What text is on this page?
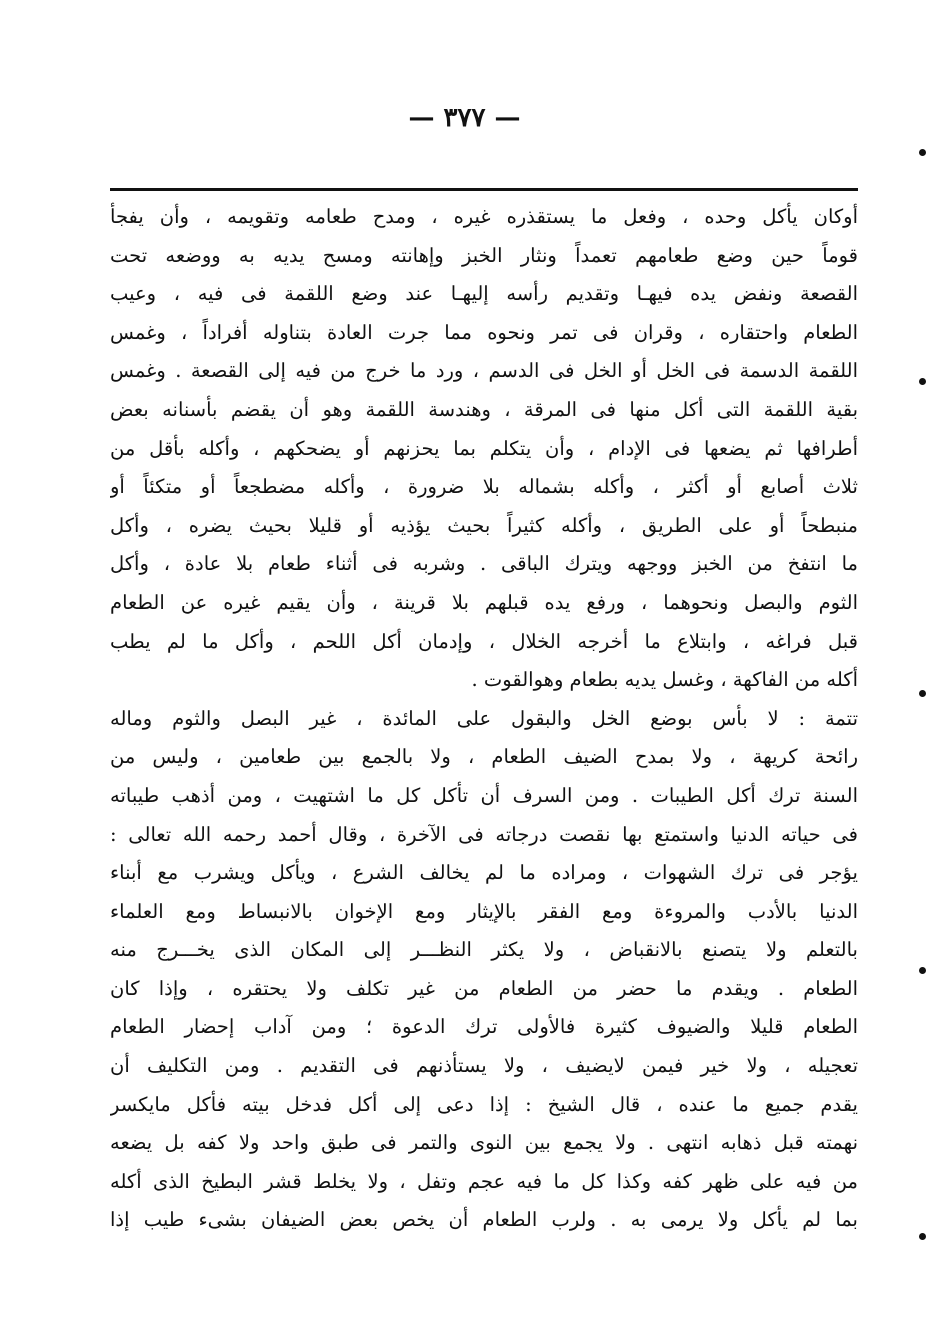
— ٣٧٧ —
أوكان يأكل وحده ، وفعل ما يستقذره غيره ، ومدح طعامه وتقويمه ، وأن يفجأ
قوماً حين وضع طعامهم تعمداً ونثار الخبز وإهانته ومسح يديه به ووضعه تحت
القصعة ونفض يده فيهـا وتقديم رأسه إليهـا عند وضع اللقمة فى فيه ، وعيب
الطعام واحتقاره ، وقران فى تمر ونحوه مما جرت العادة بتناوله أفراداً ، وغمس
اللقمة الدسمة فى الخل أو الخل فى الدسم ، ورد ما خرج من فيه إلى القصعة . وغمس
بقية اللقمة التى أكل منها فى المرقة ، وهندسة اللقمة وهو أن يقضم بأسنانه بعض
أطرافها ثم يضعها فى الإدام ، وأن يتكلم بما يحزنهم أو يضحكهم ، وأكله بأقل من
ثلاث أصابع أو أكثر ، وأكله بشماله بلا ضرورة ، وأكله مضطجعاً أو متكئاً أو
منبطحاً أو على الطريق ، وأكله كثيراً بحيث يؤذيه أو قليلا بحيث يضره ، وأكل
ما انتفخ من الخبز ووجهه ويترك الباقى . وشربه فى أثناء طعام بلا عادة ، وأكل
الثوم والبصل ونحوهما ، ورفع يده قبلهم بلا قرينة ، وأن يقيم غيره عن الطعام
قبل فراغه ، وابتلاع ما أخرجه الخلال ، وإدمان أكل اللحم ، وأكل ما لم يطب
أكله من الفاكهة ، وغسل يديه بطعام وهوالقوت .
تتمة : لا بأس بوضع الخل والبقول على المائدة ، غير البصل والثوم وماله
رائحة كريهة ، ولا بمدح الضيف الطعام ، ولا بالجمع بين طعامين ، وليس من
السنة ترك أكل الطيبات . ومن السرف أن تأكل كل ما اشتهيت ، ومن أذهب طيباته
فى حياته الدنيا واستمتع بها نقصت درجاته فى الآخرة ، وقال أحمد رحمه الله تعالى :
يؤجر فى ترك الشهوات ، ومراده ما لم يخالف الشرع ، ويأكل ويشرب مع أبناء
الدنيا بالأدب والمروءة ومع الفقر بالإيثار ومع الإخوان بالانبساط ومع العلماء
بالتعلم ولا يتصنع بالانقباض ، ولا يكثر النظـــر إلى المكان الذى يخـــرج منه
الطعام . ويقدم ما حضر من الطعام من غير تكلف ولا يحتقره ، وإذا كان
الطعام قليلا والضيوف كثيرة فالأولى ترك الدعوة ؛ ومن آداب إحضار الطعام
تعجيله ، ولا خير فيمن لايضيف ، ولا يستأذنهم فى التقديم . ومن التكليف أن
يقدم جميع ما عنده ، قال الشيخ : إذا دعى إلى أكل فدخل بيته فأكل مايكسر
نهمته قبل ذهابه انتهى . ولا يجمع بين النوى والتمر فى طبق واحد ولا كفه بل يضعه
من فيه على ظهر كفه وكذا كل ما فيه عجم وتفل ، ولا يخلط قشر البطيخ الذى أكله
بما لم يأكل ولا يرمى به . ولرب الطعام أن يخص بعض الضيفان بشىء طيب إذا
